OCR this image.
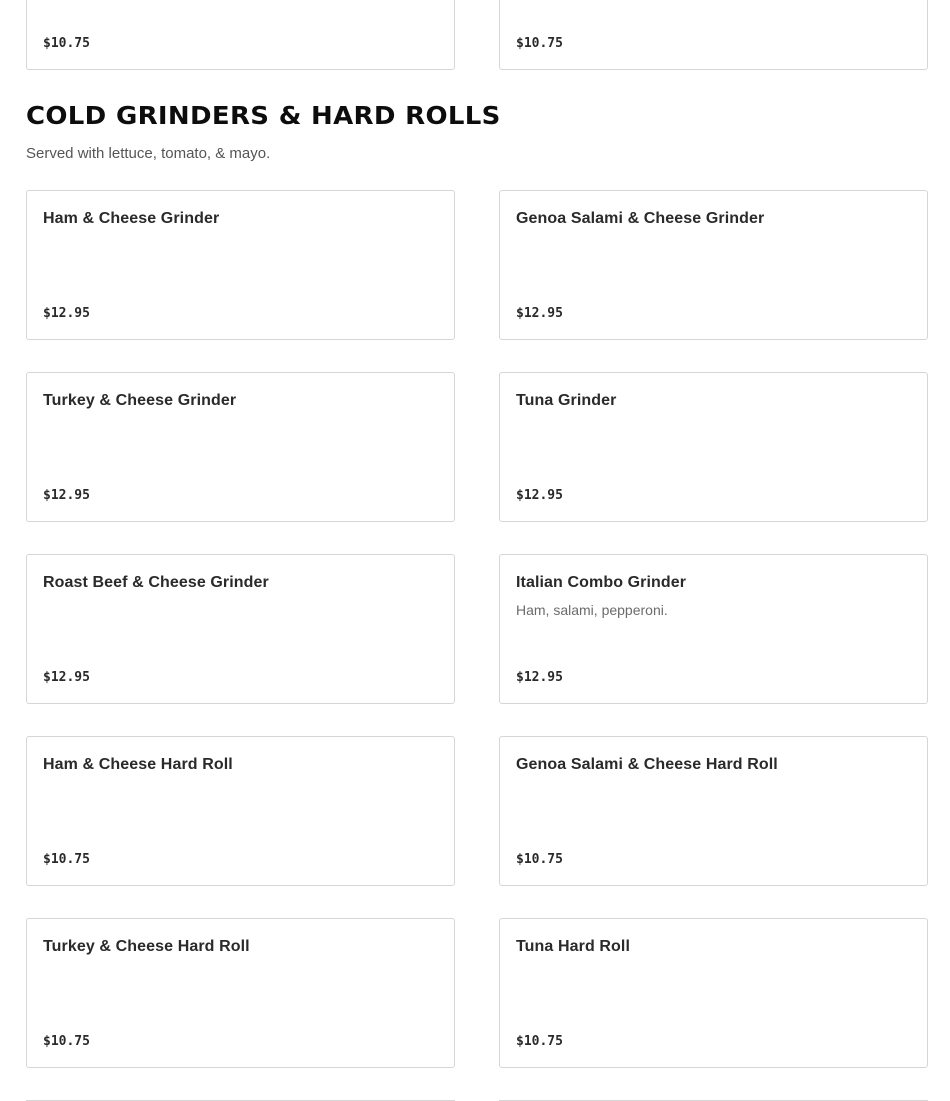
$10.75	$10.75
COLD GRINDERS & HARD ROLLS

Served with lettuce, tomato, & mayo.

Ham & Cheese Grinder
$12.95
Genoa Salami & Cheese Grinder
$12.95
Turkey & Cheese Grinder
$12.95
Tuna Grinder
$12.95
Roast Beef & Cheese Grinder
$12.95
Italian Combo Grinder
Ham, salami, pepperoni.
$12.95
Ham & Cheese Hard Roll
$10.75
Genoa Salami & Cheese Hard Roll
$10.75
Turkey & Cheese Hard Roll
$10.75
Tuna Hard Roll
$10.75
